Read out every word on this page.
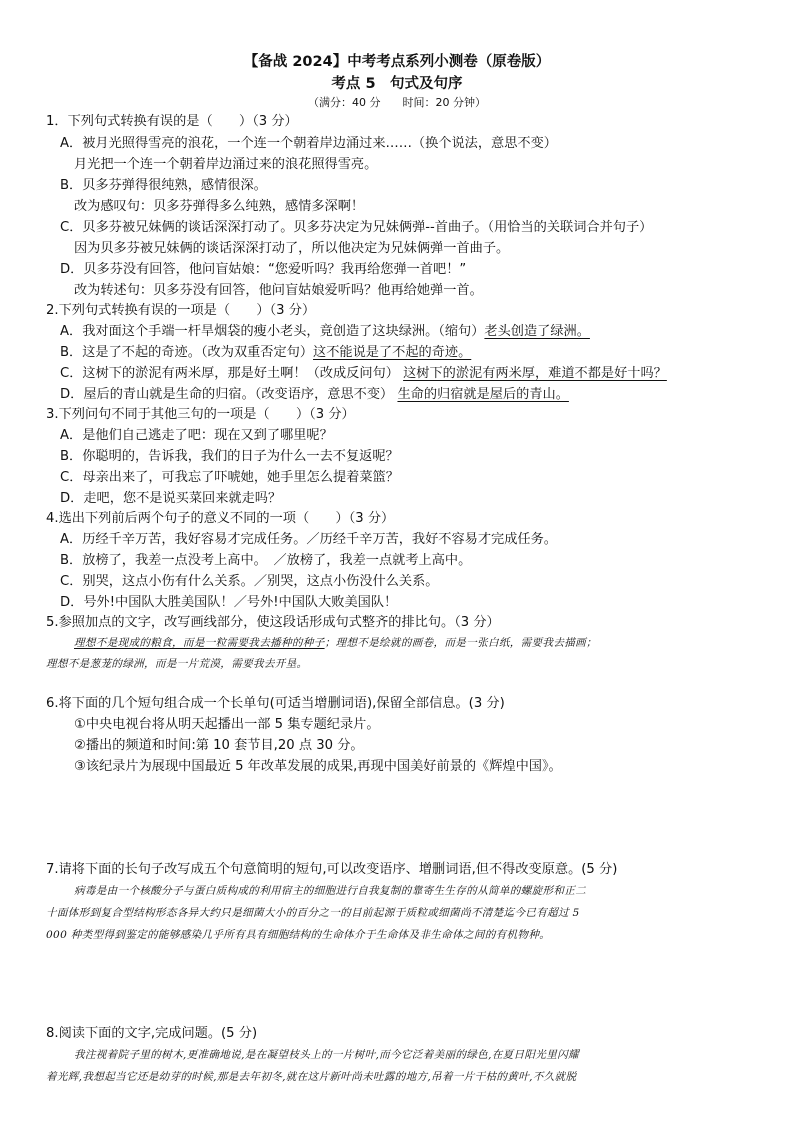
【备战 2024】中考考点系列小测卷（原卷版）
考点 5　句式及句序
（满分：40 分　　时间：20 分钟）
1．下列句式转换有误的是（　　）（3 分）
A．被月光照得雪亮的浪花，一个连一个朝着岸边涌过来……（换个说法，意思不变）
月光把一个连一个朝着岸边涌过来的浪花照得雪亮。
B．贝多芬弹得很纯熟，感情很深。
改为感叹句：贝多芬弹得多么纯熟，感情多深啊！
C．贝多芬被兄妹俩的谈话深深打动了。贝多芬决定为兄妹俩弹--首曲子。（用恰当的关联词合并句子）
因为贝多芬被兄妹俩的谈话深深打动了，所以他决定为兄妹俩弹一首曲子。
D．贝多芬没有回答，他问盲姑娘：“您爱听吗？我再给您弹一首吧！”
改为转述句：贝多芬没有回答，他问盲姑娘爱听吗？他再给她弹一首。
2.下列句式转换有误的一项是（　　）（3 分）
A．我对面这个手端一杆旱烟袋的瘦小老头，竟创造了这块绿洲。（缩句）老头创造了绿洲。
B．这是了不起的奇迹。（改为双重否定句）这不能说是了不起的奇迹。
C．这树下的淤泥有两米厚，那是好土啊！（改成反问句） 这树下的淤泥有两米厚，难道不都是好十吗？
D．屋后的青山就是生命的归宿。（改变语序，意思不变） 生命的归宿就是屋后的青山。
3.下列问句不同于其他三句的一项是（　　）（3 分）
A．是他们自己逃走了吧：现在又到了哪里呢？
B．你聪明的，告诉我，我们的日子为什么一去不复返呢？
C．母亲出来了，可我忘了吓唬她，她手里怎么提着菜篮？
D．走吧，您不是说买菜回来就走吗？
4.选出下列前后两个句子的意义不同的一项（　　）（3 分）
A．历经千辛万苦，我好容易才完成任务。／历经千辛万苦，我好不容易才完成任务。
B．放榜了，我差一点没考上高中。　／放榜了，我差一点就考上高中。
C．别哭，这点小伤有什么关系。／别哭，这点小伤没什么关系。
D．号外!中国队大胜美国队！／号外!中国队大败美国队！
5.参照加点的文字，改写画线部分，使这段话形成句式整齐的排比句。（3 分）
理想不是现成的粮食，而是一粒需要我去播种的种子；理想不是绘就的画卷，而是一张白纸，需要我去描画；
理想不是葱茏的绿洲，而是一片荒漠，需要我去开垦。
6.将下面的几个短句组合成一个长单句(可适当增删词语),保留全部信息。(3 分)
①中央电视台将从明天起播出一部 5 集专题纪录片。
②播出的频道和时间:第 10 套节目,20 点 30 分。
③该纪录片为展现中国最近 5 年改革发展的成果,再现中国美好前景的《辉煌中国》。
7.请将下面的长句子改写成五个句意简明的短句,可以改变语序、增删词语,但不得改变原意。(5 分)
病毒是由一个核酸分子与蛋白质构成的利用宿主的细胞进行自我复制的靠寄生生存的从简单的螺旋形和正二
十面体形到复合型结构形态各异大约只是细菌大小的百分之一的目前起源于质粒或细菌尚不清楚迄今已有超过 5
000 种类型得到鉴定的能够感染几乎所有具有细胞结构的生命体介于生命体及非生命体之间的有机物种。
8.阅读下面的文字,完成问题。(5 分)
我注视着院子里的树木,更准确地说,是在凝望枝头上的一片树叶,而今它泛着美丽的绿色,在夏日阳光里闪耀
着光辉,我想起当它还是幼芽的时候,那是去年初冬,就在这片新叶尚未吐露的地方,吊着一片干枯的黄叶,不久就脱
